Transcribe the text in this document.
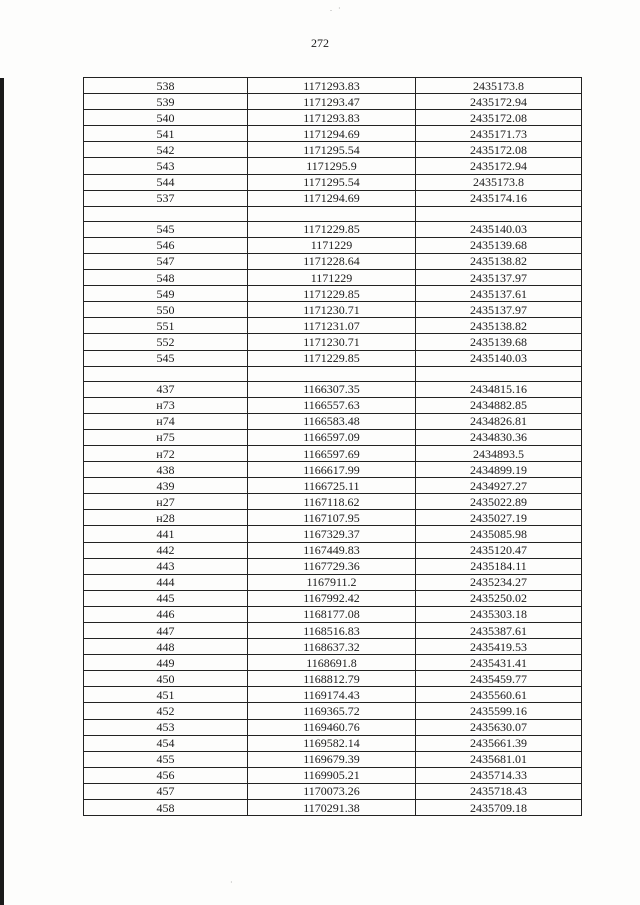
. ·
·
272
538	1171293.83	2435173.8
539	1171293.47	2435172.94
540	1171293.83	2435172.08
541	1171294.69	2435171.73
542	1171295.54	2435172.08
543	1171295.9	2435172.94
544	1171295.54	2435173.8
537	1171294.69	2435174.16

545	1171229.85	2435140.03
546	1171229	2435139.68
547	1171228.64	2435138.82
548	1171229	2435137.97
549	1171229.85	2435137.61
550	1171230.71	2435137.97
551	1171231.07	2435138.82
552	1171230.71	2435139.68
545	1171229.85	2435140.03

437	1166307.35	2434815.16
н73	1166557.63	2434882.85
н74	1166583.48	2434826.81
н75	1166597.09	2434830.36
н72	1166597.69	2434893.5
438	1166617.99	2434899.19
439	1166725.11	2434927.27
н27	1167118.62	2435022.89
н28	1167107.95	2435027.19
441	1167329.37	2435085.98
442	1167449.83	2435120.47
443	1167729.36	2435184.11
444	1167911.2	2435234.27
445	1167992.42	2435250.02
446	1168177.08	2435303.18
447	1168516.83	2435387.61
448	1168637.32	2435419.53
449	1168691.8	2435431.41
450	1168812.79	2435459.77
451	1169174.43	2435560.61
452	1169365.72	2435599.16
453	1169460.76	2435630.07
454	1169582.14	2435661.39
455	1169679.39	2435681.01
456	1169905.21	2435714.33
457	1170073.26	2435718.43
458	1170291.38	2435709.18
